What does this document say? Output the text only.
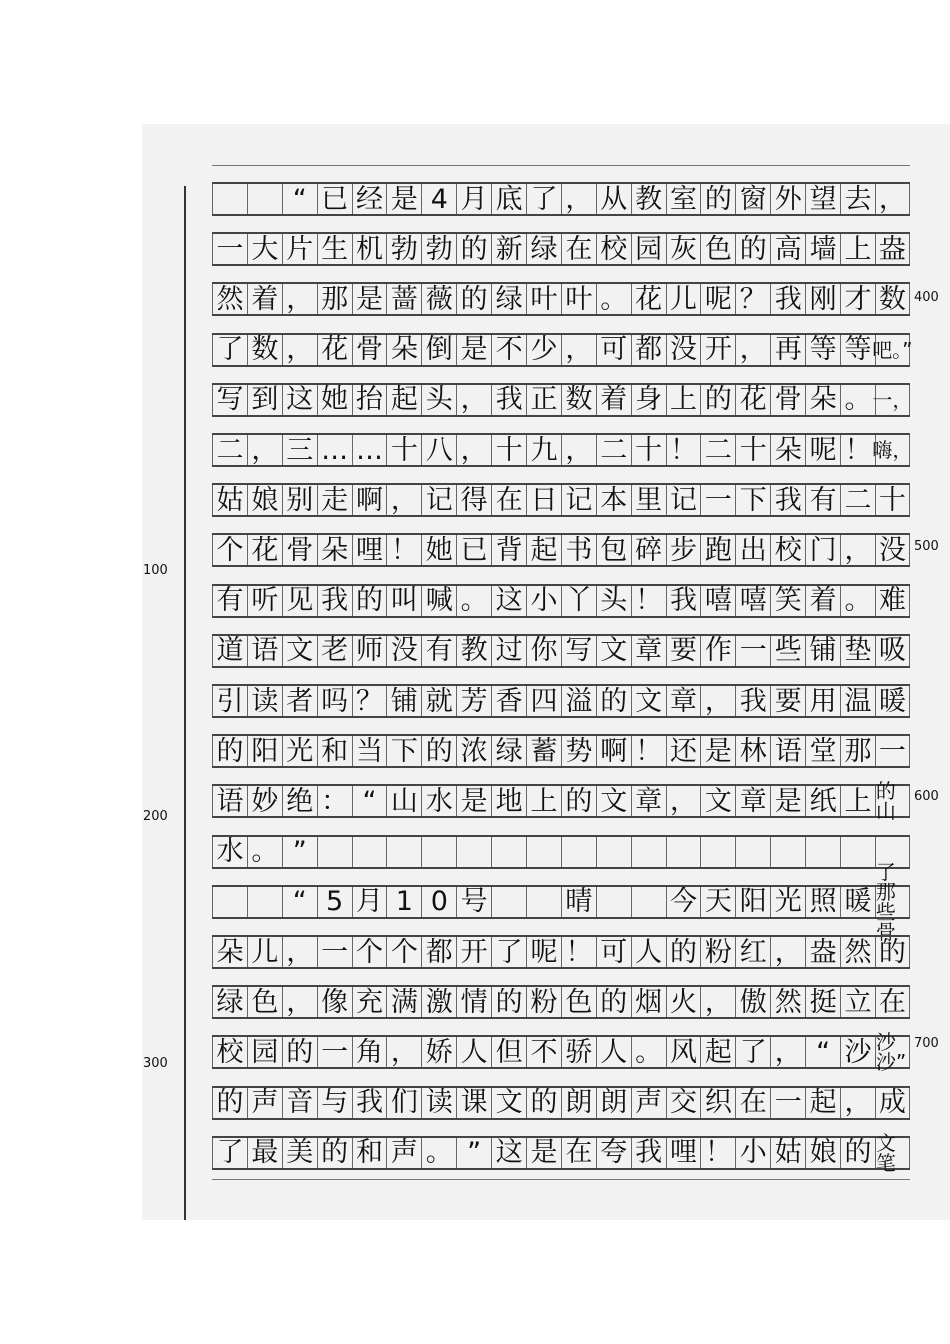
“ 已 经 是 4 月 底 了 ， 从 教 室 的 窗 外 望 去 ，
一 大 片 生 机 勃 勃 的 新 绿 在 校 园 灰 色 的 高 墙 上 盎
然 着 ， 那 是 蔷 薇 的 绿 叶 叶 。 花 儿 呢 ？ 我 刚 才 数
了 数 ， 花 骨 朵 倒 是 不 少 ， 可 都 没 开 ， 再 等 等 吧。”
写 到 这 她 抬 起 头 ， 我 正 数 着 身 上 的 花 骨 朵 。 一，
二 ， 三 … … 十 八 ， 十 九 ， 二 十 ！ 二 十 朵 呢 ！ 嗨，
姑 娘 别 走 啊 ， 记 得 在 日 记 本 里 记 一 下 我 有 二 十
个 花 骨 朵 哩 ！ 她 已 背 起 书 包 碎 步 跑 出 校 门 ， 没
有 听 见 我 的 叫 喊 。 这 小 丫 头 ！ 我 嘻 嘻 笑 着 。 难
道 语 文 老 师 没 有 教 过 你 写 文 章 要 作 一 些 铺 垫 吸
引 读 者 吗 ？ 铺 就 芳 香 四 溢 的 文 章 ， 我 要 用 温 暖
的 阳 光 和 当 下 的 浓 绿 蓄 势 啊 ！ 还 是 林 语 堂 那 一
语 妙 绝 ： “ 山 水 是 地 上 的 文 章 ， 文 章 是 纸 上 的山
水 。 ”
“ 5 月 1 0 号	晴	今 天 阳 光 照 暖
了那些骨
朵 儿 ， 一 个 个 都 开 了 呢 ！ 可 人 的 粉 红 ， 盎 然 的
绿 色 ， 像 充 满 激 情 的 粉 色 的 烟 火 ， 傲 然 挺 立 在
校 园 的 一 角 ， 娇 人 但 不 骄 人 。 风 起 了 ， “ 沙 沙沙”
的 声 音 与 我 们 读 课 文 的 朗 朗 声 交 织 在 一 起 ， 成
了 最 美 的 和 声 。 ” 这 是 在 夸 我 哩 ！ 小 姑 娘 的 文笔
100
200
300
400
500
600
700
